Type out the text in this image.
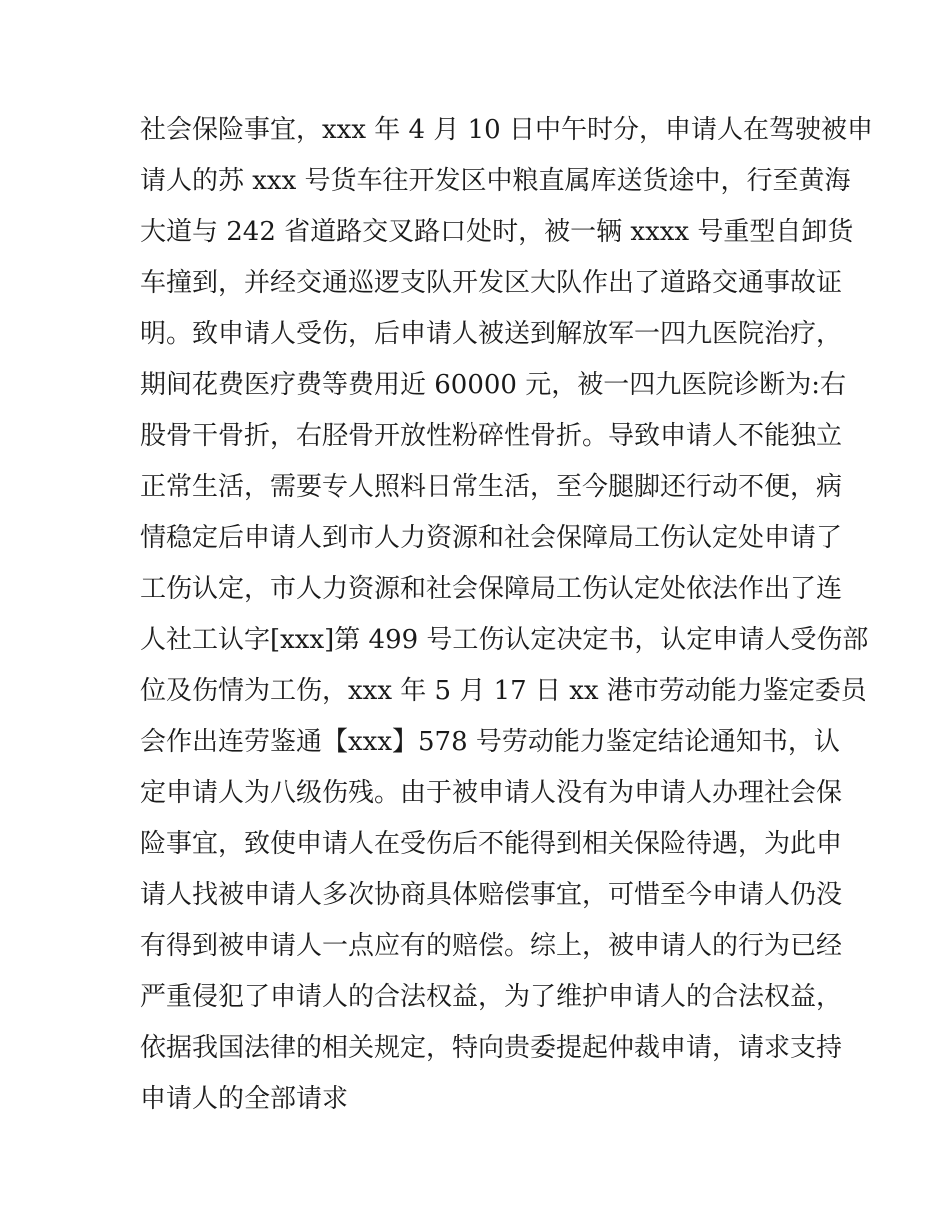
社会保险事宜，xxx 年 4 月 10 日中午时分，申请人在驾驶被申
请人的苏 xxx 号货车往开发区中粮直属库送货途中，行至黄海
大道与 242 省道路交叉路口处时，被一辆 xxxx 号重型自卸货
车撞到，并经交通巡逻支队开发区大队作出了道路交通事故证
明。致申请人受伤，后申请人被送到解放军一四九医院治疗，
期间花费医疗费等费用近 60000 元，被一四九医院诊断为:右
股骨干骨折，右胫骨开放性粉碎性骨折。导致申请人不能独立
正常生活，需要专人照料日常生活，至今腿脚还行动不便，病
情稳定后申请人到市人力资源和社会保障局工伤认定处申请了
工伤认定，市人力资源和社会保障局工伤认定处依法作出了连
人社工认字[xxx]第 499 号工伤认定决定书，认定申请人受伤部
位及伤情为工伤，xxx 年 5 月 17 日 xx 港市劳动能力鉴定委员
会作出连劳鉴通【xxx】578 号劳动能力鉴定结论通知书，认
定申请人为八级伤残。由于被申请人没有为申请人办理社会保
险事宜，致使申请人在受伤后不能得到相关保险待遇，为此申
请人找被申请人多次协商具体赔偿事宜，可惜至今申请人仍没
有得到被申请人一点应有的赔偿。综上，被申请人的行为已经
严重侵犯了申请人的合法权益，为了维护申请人的合法权益，
依据我国法律的相关规定，特向贵委提起仲裁申请，请求支持
申请人的全部请求
